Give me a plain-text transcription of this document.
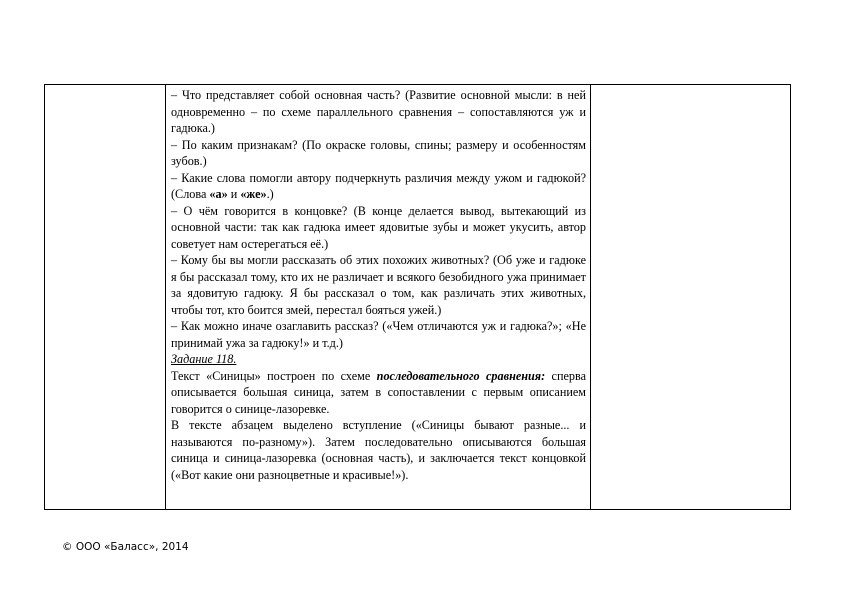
– Что представляет собой основная часть? (Развитие основной мысли: в ней одновременно – по схеме параллельного сравнения – сопоставляются уж и гадюка.)

– По каким признакам? (По окраске головы, спины; размеру и особенностям зубов.)

– Какие слова помогли автору подчеркнуть различия между ужом и гадюкой? (Слова «а» и «же».)

– О чём говорится в концовке? (В конце делается вывод, вытекающий из основной части: так как гадюка имеет ядовитые зубы и может укусить, автор советует нам остерегаться её.)

– Кому бы вы могли рассказать об этих похожих животных? (Об уже и гадюке я бы рассказал тому, кто их не различает и всякого безобидного ужа принимает за ядовитую гадюку. Я бы рассказал о том, как различать этих животных, чтобы тот, кто боится змей, перестал бояться ужей.)

– Как можно иначе озаглавить рассказ? («Чем отличаются уж и гадюка?»; «Не принимай ужа за гадюку!» и т.д.)

Задание 118.

Текст «Синицы» построен по схеме последовательного сравнения: сперва описывается большая синица, затем в сопоставлении с первым описанием говорится о синице-лазоревке.

В тексте абзацем выделено вступление («Синицы бывают разные... и называются по-разному»). Затем последовательно описываются большая синица и синица-лазоревка (основная часть), и заключается текст концовкой («Вот какие они разноцветные и красивые!»).

© ООО «Баласс», 2014
